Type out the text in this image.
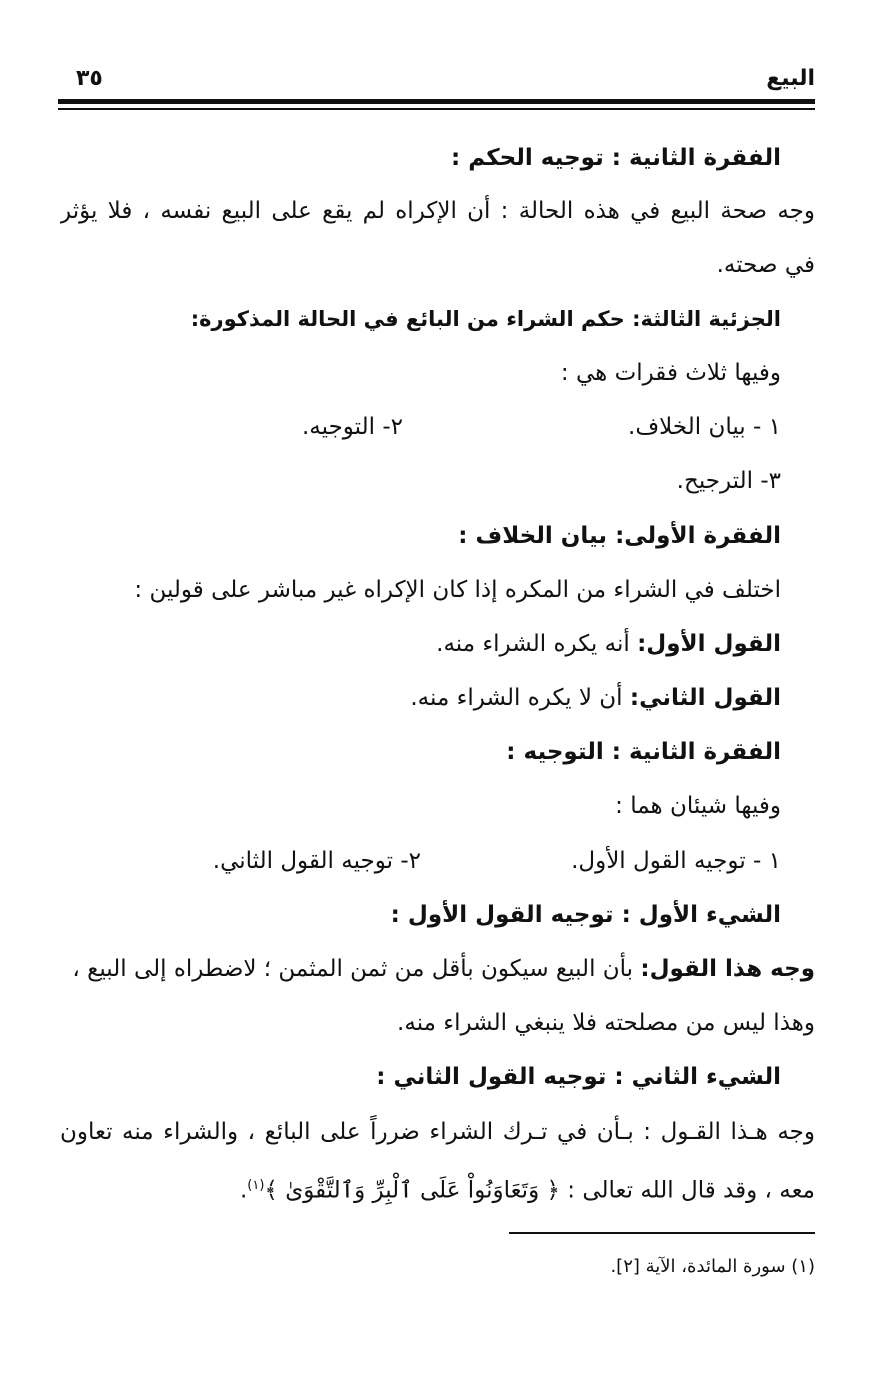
البيع
٣٥
الفقرة الثانية : توجيه الحكم :
وجه صحة البيع في هذه الحالة : أن الإكراه لم يقع على البيع نفسه ، فلا يؤثر
في صحته.
الجزئية الثالثة: حكم الشراء من البائع في الحالة المذكورة:
وفيها ثلاث فقرات هي :
١ - بيان الخلاف.
٢- التوجيه.
٣- الترجيح.
الفقرة الأولى: بيان الخلاف :
اختلف في الشراء من المكره إذا كان الإكراه غير مباشر على قولين :
القول الأول: أنه يكره الشراء منه.
القول الثاني: أن لا يكره الشراء منه.
الفقرة الثانية : التوجيه :
وفيها شيئان هما :
١ - توجيه القول الأول.
٢- توجيه القول الثاني.
الشيء الأول : توجيه القول الأول :
وجه هذا القول: بأن البيع سيكون بأقل من ثمن المثمن ؛ لاضطراه إلى البيع ،
وهذا ليس من مصلحته فلا ينبغي الشراء منه.
الشيء الثاني : توجيه القول الثاني :
وجه هـذا القـول : بـأن في تـرك الشراء ضرراً على البائع ، والشراء منه تعاون
معه ، وقد قال الله تعالى : ﴿ وَتَعَاوَنُواْ عَلَى ٱلْبِرِّ وَٱلتَّقْوَىٰ ﴾$^{(١)}$.
(١) سورة المائدة، الآية [٢].
